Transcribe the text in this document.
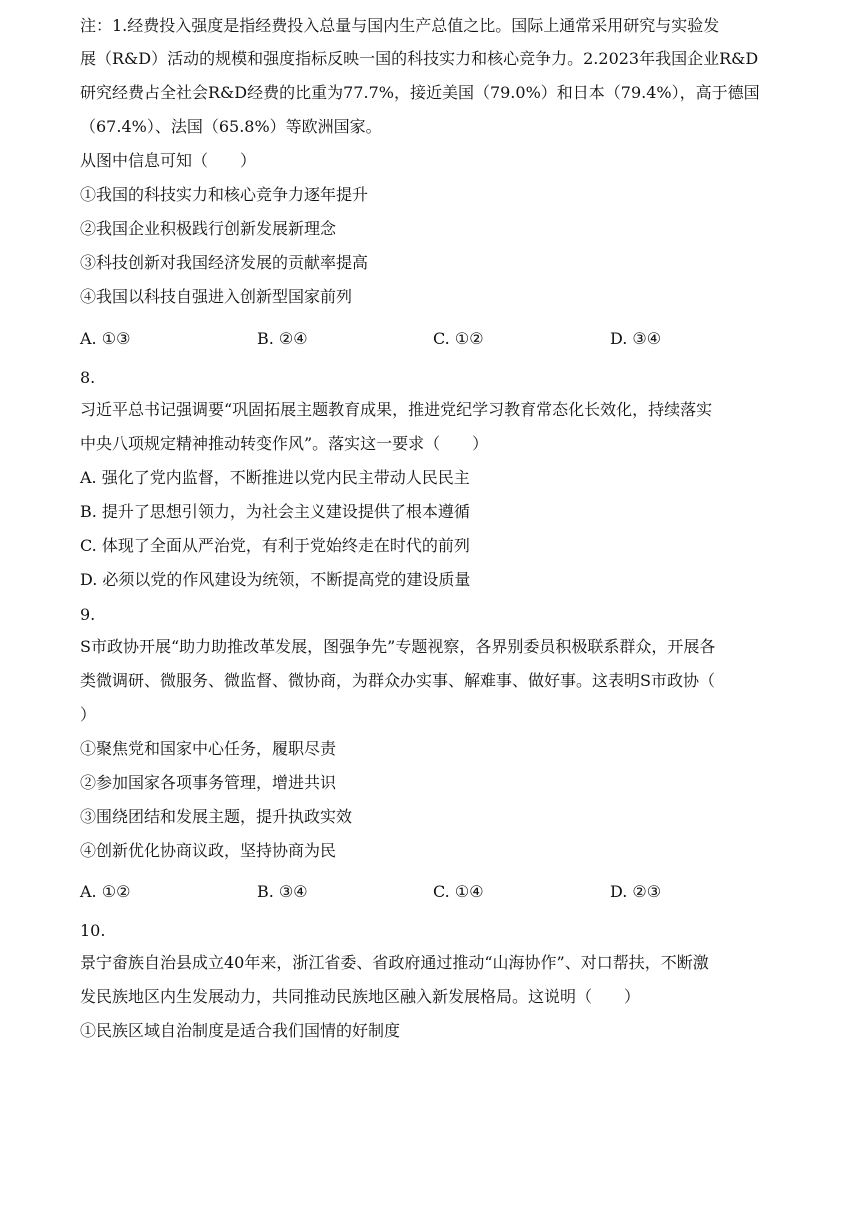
注：1.经费投入强度是指经费投入总量与国内生产总值之比。国际上通常采用研究与实验发
展（R&D）活动的规模和强度指标反映一国的科技实力和核心竞争力。2.2023年我国企业R&D
研究经费占全社会R&D经费的比重为77.7%，接近美国（79.0%）和日本（79.4%），高于德国
（67.4%）、法国（65.8%）等欧洲国家。
从图中信息可知（　　）
①我国的科技实力和核心竞争力逐年提升
②我国企业积极践行创新发展新理念
③科技创新对我国经济发展的贡献率提高
④我国以科技自强进入创新型国家前列
A. ①③	B. ②④	C. ①②	D. ③④
8.
习近平总书记强调要“巩固拓展主题教育成果，推进党纪学习教育常态化长效化，持续落实
中央八项规定精神推动转变作风”。落实这一要求（　　）
A. 强化了党内监督，不断推进以党内民主带动人民民主
B. 提升了思想引领力，为社会主义建设提供了根本遵循
C. 体现了全面从严治党，有利于党始终走在时代的前列
D. 必须以党的作风建设为统领，不断提高党的建设质量
9.
S市政协开展“助力助推改革发展，图强争先”专题视察，各界别委员积极联系群众，开展各
类微调研、微服务、微监督、微协商，为群众办实事、解难事、做好事。这表明S市政协（
）
①聚焦党和国家中心任务，履职尽责
②参加国家各项事务管理，增进共识
③围绕团结和发展主题，提升执政实效
④创新优化协商议政，坚持协商为民
A. ①②	B. ③④	C. ①④	D. ②③
10.
景宁畲族自治县成立40年来，浙江省委、省政府通过推动“山海协作”、对口帮扶，不断激
发民族地区内生发展动力，共同推动民族地区融入新发展格局。这说明（　　）
①民族区域自治制度是适合我们国情的好制度
